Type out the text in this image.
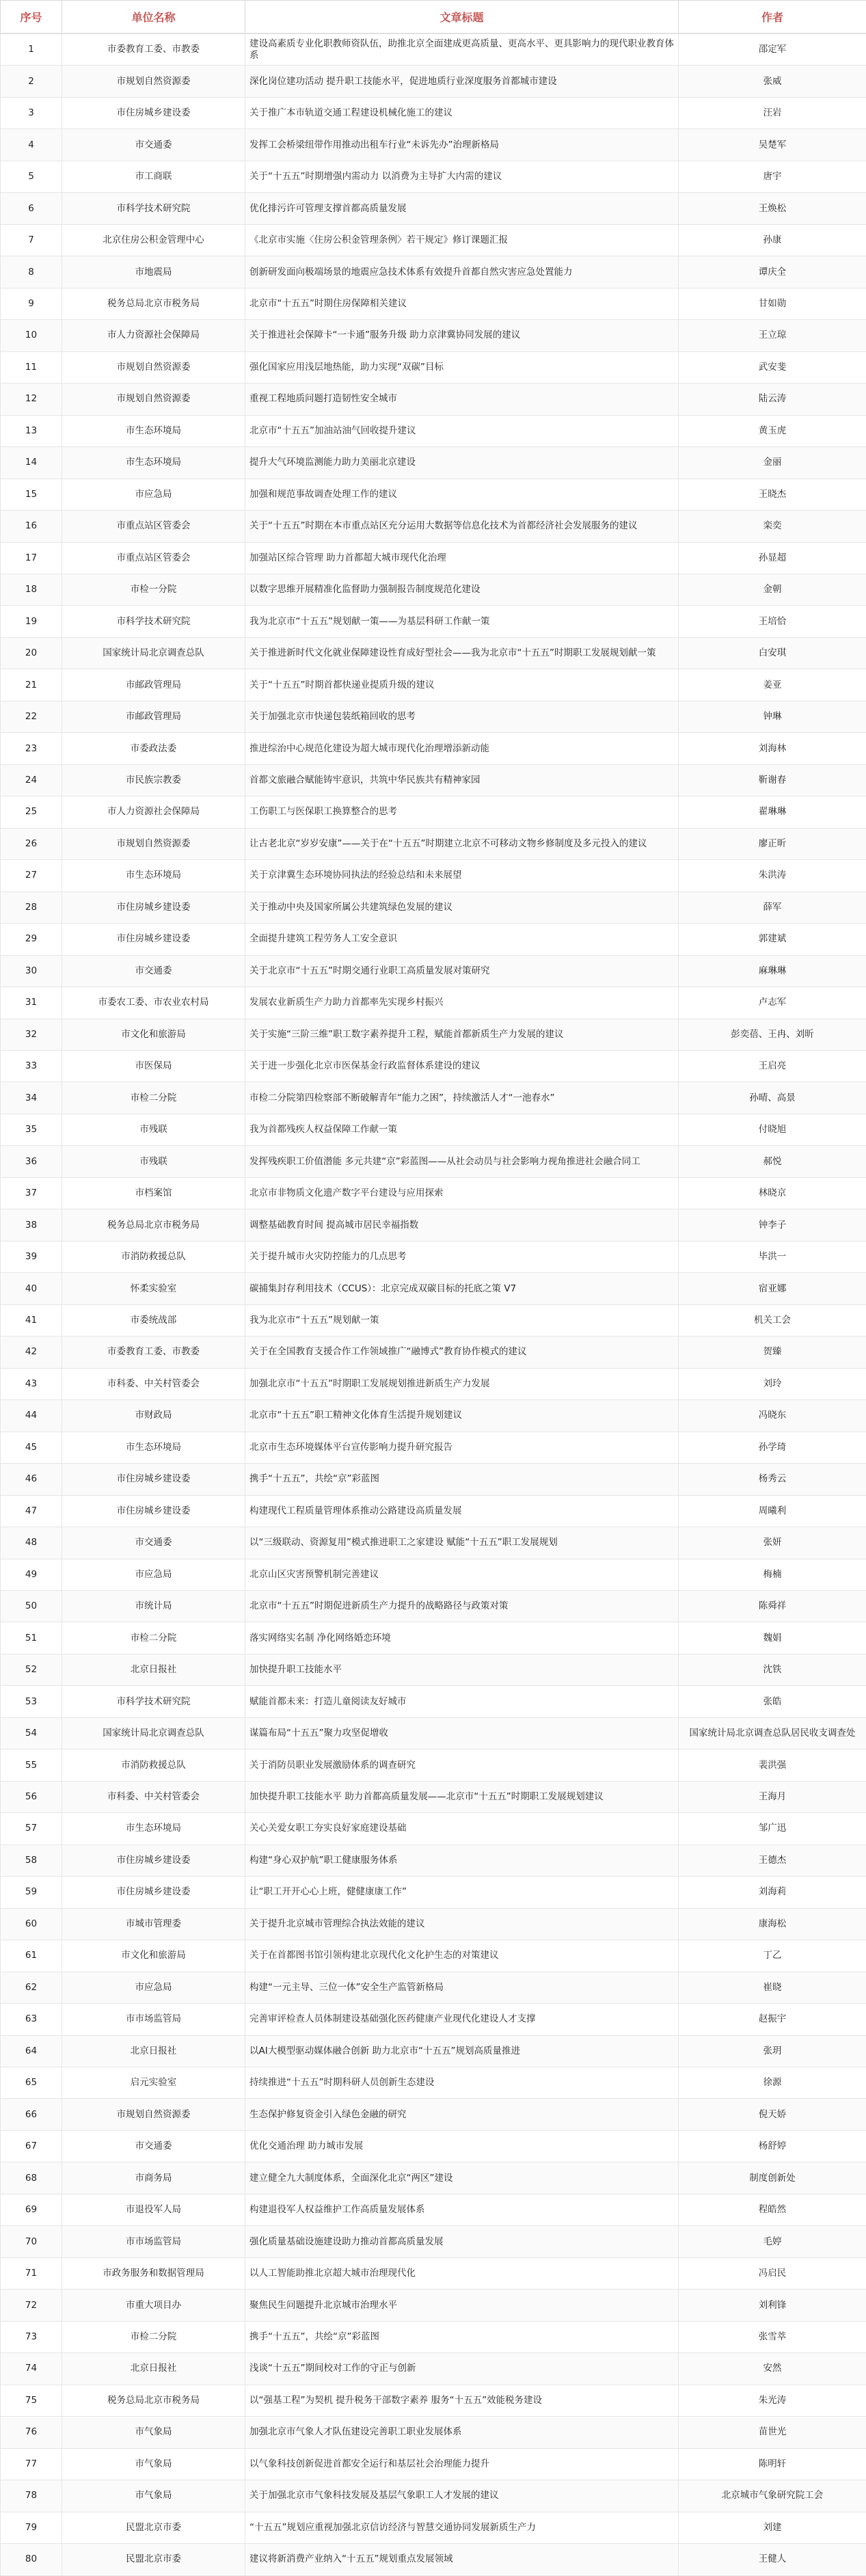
序号	单位名称	文章标题	作者
1	市委教育工委、市教委	建设高素质专业化职教师资队伍，助推北京全面建成更高质量、更高水平、更具影响力的现代职业教育体系	邵定军
2	市规划自然资源委	深化岗位建功活动 提升职工技能水平，促进地质行业深度服务首都城市建设	张威
3	市住房城乡建设委	关于推广本市轨道交通工程建设机械化施工的建议	汪岩
4	市交通委	发挥工会桥梁纽带作用推动出租车行业“未诉先办”治理新格局	吴楚军
5	市工商联	关于“十五五”时期增强内需动力 以消费为主导扩大内需的建议	唐宇
6	市科学技术研究院	优化排污许可管理支撑首都高质量发展	王焕松
7	北京住房公积金管理中心	《北京市实施〈住房公积金管理条例〉若干规定》修订课题汇报	孙康
8	市地震局	创新研发面向极端场景的地震应急技术体系有效提升首都自然灾害应急处置能力	谭庆全
9	税务总局北京市税务局	北京市“十五五”时期住房保障相关建议	甘如勋
10	市人力资源社会保障局	关于推进社会保障卡“一卡通”服务升级 助力京津冀协同发展的建议	王立琼
11	市规划自然资源委	强化国家应用浅层地热能，助力实现“双碳”目标	武安斐
12	市规划自然资源委	重视工程地质问题打造韧性安全城市	陆云涛
13	市生态环境局	北京市“十五五”加油站油气回收提升建议	黄玉虎
14	市生态环境局	提升大气环境监测能力助力美丽北京建设	金丽
15	市应急局	加强和规范事故调查处理工作的建议	王晓杰
16	市重点站区管委会	关于“十五五”时期在本市重点站区充分运用大数据等信息化技术为首都经济社会发展服务的建议	栾奕
17	市重点站区管委会	加强站区综合管理 助力首都超大城市现代化治理	孙显超
18	市检一分院	以数字思维开展精准化监督助力强制报告制度规范化建设	金朝
19	市科学技术研究院	我为北京市“十五五”规划献一策——为基层科研工作献一策	王培恰
20	国家统计局北京调查总队	关于推进新时代文化就业保障建设性育成好型社会——我为北京市“十五五”时期职工发展规划献一策	白安琪
21	市邮政管理局	关于“十五五”时期首都快递业提质升级的建议	姜亚
22	市邮政管理局	关于加强北京市快递包装纸箱回收的思考	钟琳
23	市委政法委	推进综治中心规范化建设为超大城市现代化治理增添新动能	刘海林
24	市民族宗教委	首都文旅融合赋能铸牢意识，共筑中华民族共有精神家园	靳谢春
25	市人力资源社会保障局	工伤职工与医保职工换算整合的思考	翟琳琳
26	市规划自然资源委	让古老北京“岁岁安康”——关于在“十五五”时期建立北京不可移动文物乡修制度及多元投入的建议	廖正昕
27	市生态环境局	关于京津冀生态环境协同执法的经验总结和未来展望	朱洪涛
28	市住房城乡建设委	关于推动中央及国家所属公共建筑绿色发展的建议	薛军
29	市住房城乡建设委	全面提升建筑工程劳务人工安全意识	郭建斌
30	市交通委	关于北京市“十五五”时期交通行业职工高质量发展对策研究	麻琳琳
31	市委农工委、市农业农村局	发展农业新质生产力助力首都率先实现乡村振兴	卢志军
32	市文化和旅游局	关于实施“三阶三维”职工数字素养提升工程，赋能首都新质生产力发展的建议	彭奕蓓、王冉、刘昕
33	市医保局	关于进一步强化北京市医保基金行政监督体系建设的建议	王启亮
34	市检二分院	市检二分院第四检察部不断破解青年“能力之困”，持续激活人才“一池春水”	孙晴、高景
35	市残联	我为首都残疾人权益保障工作献一策	付晓旭
36	市残联	发挥残疾职工价值潜能 多元共建“京”彩蓝图——从社会动员与社会影响力视角推进社会融合同工	郝悦
37	市档案馆	北京市非物质文化遗产数字平台建设与应用探索	林晓京
38	税务总局北京市税务局	调整基础教育时间 提高城市居民幸福指数	钟李子
39	市消防救援总队	关于提升城市火灾防控能力的几点思考	毕洪一
40	怀柔实验室	碳捕集封存利用技术（CCUS）：北京完成双碳目标的托底之策 V7	宿亚娜
41	市委统战部	我为北京市“十五五”规划献一策	机关工会
42	市委教育工委、市教委	关于在全国教育支援合作工作领域推广“融博式”教育协作模式的建议	贺臻
43	市科委、中关村管委会	加强北京市“十五五”时期职工发展规划推进新质生产力发展	刘玲
44	市财政局	北京市“十五五”职工精神文化体育生活提升规划建议	冯晓东
45	市生态环境局	北京市生态环境媒体平台宣传影响力提升研究报告	孙学琦
46	市住房城乡建设委	携手“十五五”，共绘“京”彩蓝图	杨秀云
47	市住房城乡建设委	构建现代工程质量管理体系推动公路建设高质量发展	周曦利
48	市交通委	以“三级联动、资源复用”模式推进职工之家建设 赋能“十五五”职工发展规划	张妍
49	市应急局	北京山区灾害预警机制完善建议	梅楠
50	市统计局	北京市“十五五”时期促进新质生产力提升的战略路径与政策对策	陈舜祥
51	市检二分院	落实网络实名制 净化网络婚恋环境	魏娟
52	北京日报社	加快提升职工技能水平	沈铁
53	市科学技术研究院	赋能首都未来：打造儿童阅读友好城市	张皓
54	国家统计局北京调查总队	谋篇布局“十五五”聚力攻坚促增收	国家统计局北京调查总队居民收支调查处
55	市消防救援总队	关于消防员职业发展激励体系的调查研究	裴洪强
56	市科委、中关村管委会	加快提升职工技能水平 助力首都高质量发展——北京市“十五五”时期职工发展规划建议	王海月
57	市生态环境局	关心关爱女职工夯实良好家庭建设基础	邹广迅
58	市住房城乡建设委	构建“身心双护航”职工健康服务体系	王德杰
59	市住房城乡建设委	让“职工开开心心上班，健健康康工作”	刘海莉
60	市城市管理委	关于提升北京城市管理综合执法效能的建议	康海松
61	市文化和旅游局	关于在首都图书馆引领构建北京现代化文化护生态的对策建议	丁乙
62	市应急局	构建“一元主导、三位一体”安全生产监管新格局	崔晓
63	市市场监管局	完善审评检查人员体制建设基础强化医药健康产业现代化建设人才支撑	赵振宇
64	北京日报社	以AI大模型驱动媒体融合创新 助力北京市“十五五”规划高质量推进	张玥
65	启元实验室	持续推进“十五五”时期科研人员创新生态建设	徐源
66	市规划自然资源委	生态保护修复资金引入绿色金融的研究	倪天娇
67	市交通委	优化交通治理 助力城市发展	杨舒婷
68	市商务局	建立健全九大制度体系，全面深化北京“两区”建设	制度创新处
69	市退役军人局	构建退役军人权益维护工作高质量发展体系	程皓然
70	市市场监管局	强化质量基础设施建设助力推动首都高质量发展	毛婷
71	市政务服务和数据管理局	以人工智能助推北京超大城市治理现代化	冯启民
72	市重大项目办	聚焦民生问题提升北京城市治理水平	刘利锋
73	市检二分院	携手“十五五”，共绘“京”彩蓝图	张雪萃
74	北京日报社	浅谈“十五五”期间校对工作的守正与创新	安然
75	税务总局北京市税务局	以“强基工程”为契机 提升税务干部数字素养 服务“十五五”效能税务建设	朱光涛
76	市气象局	加强北京市气象人才队伍建设完善职工职业发展体系	苗世光
77	市气象局	以气象科技创新促进首都安全运行和基层社会治理能力提升	陈明轩
78	市气象局	关于加强北京市气象科技发展及基层气象职工人才发展的建议	北京城市气象研究院工会
79	民盟北京市委	“十五五”规划应重视加强北京信访经济与智慧交通协同发展新质生产力	刘建
80	民盟北京市委	建议将新消费产业纳入“十五五”规划重点发展领域	王健人
